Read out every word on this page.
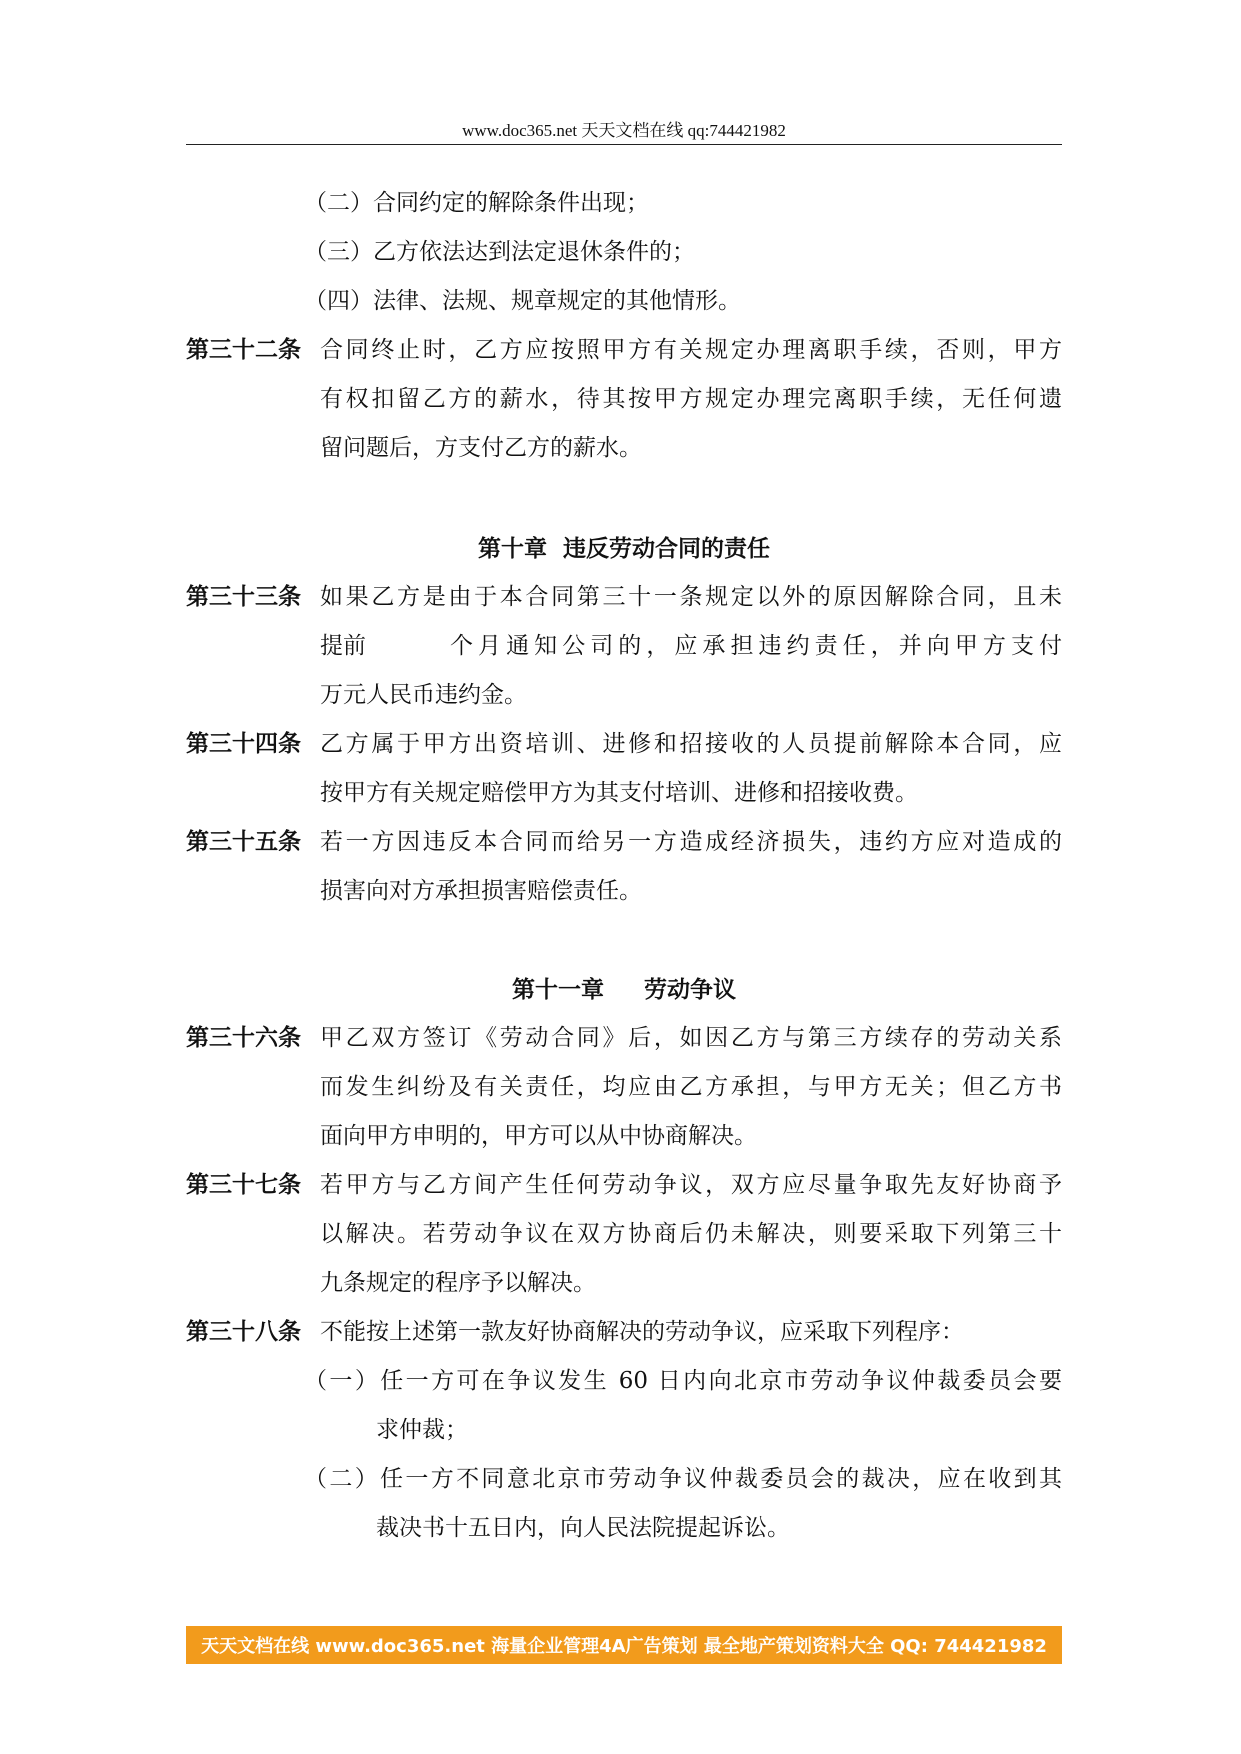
www.doc365.net 天天文档在线 qq:744421982
（二）合同约定的解除条件出现；
（三）乙方依法达到法定退休条件的；
（四）法律、法规、规章规定的其他情形。
第三十二条 合同终止时，乙方应按照甲方有关规定办理离职手续，否则，甲方
有权扣留乙方的薪水，待其按甲方规定办理完离职手续，无任何遗
留问题后，方支付乙方的薪水。
第十章  违反劳动合同的责任
第三十三条 如果乙方是由于本合同第三十一条规定以外的原因解除合同，且未
提前	个月通知公司的，应承担违约责任，并向甲方支付
万元人民币违约金。
第三十四条 乙方属于甲方出资培训、进修和招接收的人员提前解除本合同，应
按甲方有关规定赔偿甲方为其支付培训、进修和招接收费。
第三十五条 若一方因违反本合同而给另一方造成经济损失，违约方应对造成的
损害向对方承担损害赔偿责任。
第十一章     劳动争议
第三十六条 甲乙双方签订《劳动合同》后，如因乙方与第三方续存的劳动关系
而发生纠纷及有关责任，均应由乙方承担，与甲方无关；但乙方书
面向甲方申明的，甲方可以从中协商解决。
第三十七条 若甲方与乙方间产生任何劳动争议，双方应尽量争取先友好协商予
以解决。若劳动争议在双方协商后仍未解决，则要采取下列第三十
九条规定的程序予以解决。
第三十八条 不能按上述第一款友好协商解决的劳动争议，应采取下列程序：
（一）任一方可在争议发生 60 日内向北京市劳动争议仲裁委员会要
求仲裁；
（二）任一方不同意北京市劳动争议仲裁委员会的裁决，应在收到其
裁决书十五日内，向人民法院提起诉讼。
天天文档在线 www.doc365.net 海量企业管理4A广告策划 最全地产策划资料大全 QQ: 744421982
